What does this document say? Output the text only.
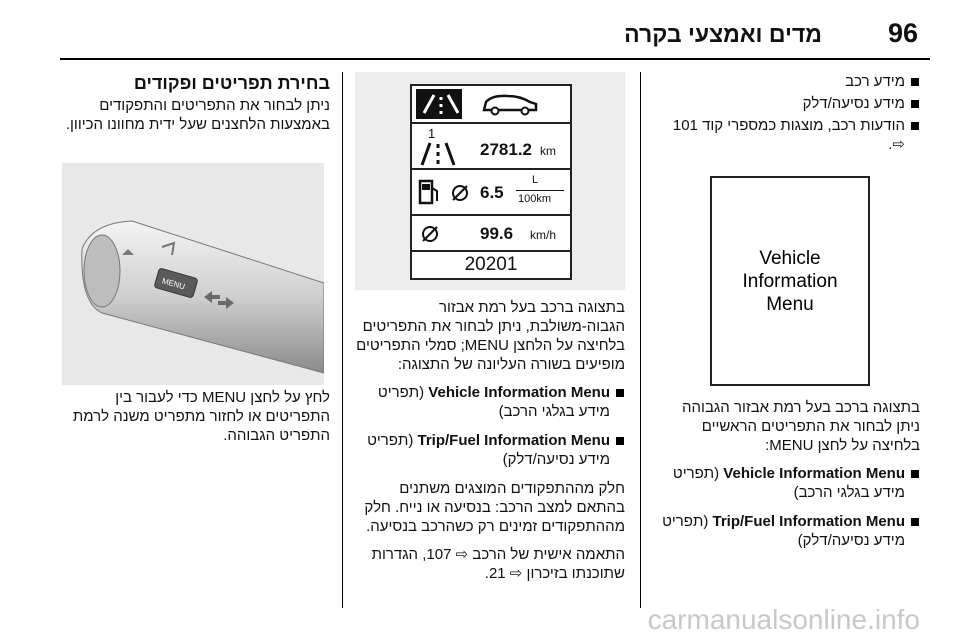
96
מדים ואמצעי בקרה
מידע רכב
מידע נסיעה/דלק
הודעות רכב, מוצגות כמספרי קוד 101 ⇨.
Vehicle
Information
Menu

בתצוגה ברכב בעל רמת אבזור הגבוהה ניתן לבחור את התפריטים הראשיים בלחיצה על לחצן MENU:

Vehicle Information Menu (תפריט מידע בגלגי הרכב)
Trip/Fuel Information Menu (תפריט מידע נסיעה/דלק)
1
2781.2 km
6.5
L
100km
99.6 km/h
20201

בתצוגה ברכב בעל רמת אבזור הגבוה-משולבת, ניתן לבחור את התפריטים בלחיצה על הלחצן MENU; סמלי התפריטים מופיעים בשורה העליונה של התצוגה:

Vehicle Information Menu (תפריט מידע בגלגי הרכב)
Trip/Fuel Information Menu (תפריט מידע נסיעה/דלק)

חלק מההתפקודים המוצגים משתנים בהתאם למצב הרכב: בנסיעה או נייח. חלק מההתפקודים זמינים רק כשהרכב בנסיעה.

התאמה אישית של הרכב ⇨ 107, הגדרות שתוכנתו בזיכרון ⇨ 21.

בחירת תפריטים ופקודים

ניתן לבחור את התפריטים והתפקודים באמצעות הלחצנים שעל ידית מחוונו הכיוון.

MENU

לחץ על לחצן MENU כדי לעבור בין התפריטים או לחזור מתפריט משנה לרמת התפריט הגבוהה.

carmanualsonline.info
